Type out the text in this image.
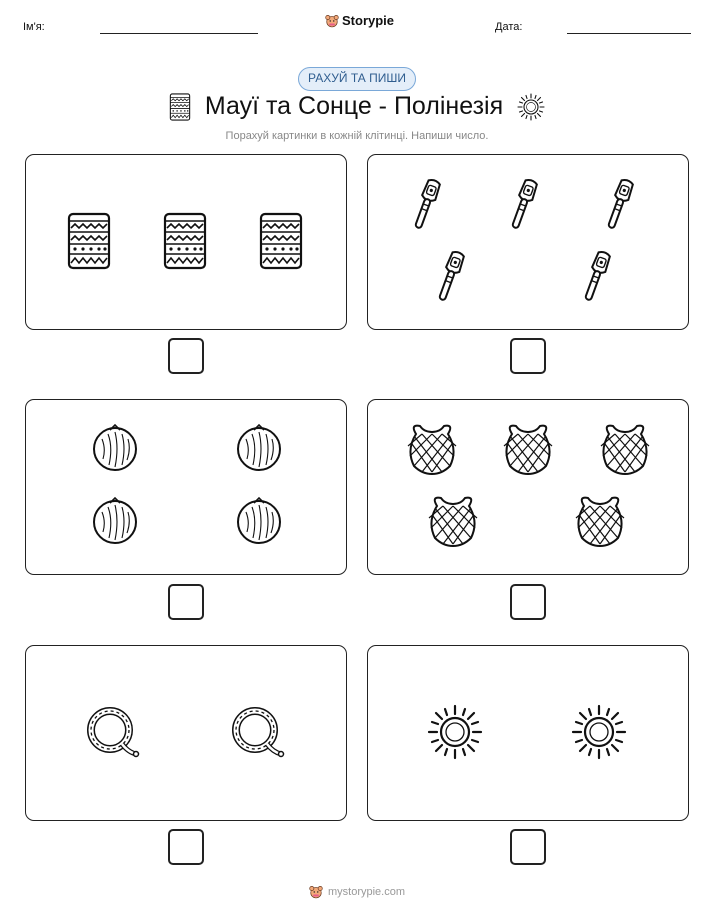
Ім'я:	Storypie	Дата:
РАХУЙ ТА ПИШИ
Мауї та Сонце - Полінезія
Порахуй картинки в кожній клітинці. Напиши число.
mystorypie.com
